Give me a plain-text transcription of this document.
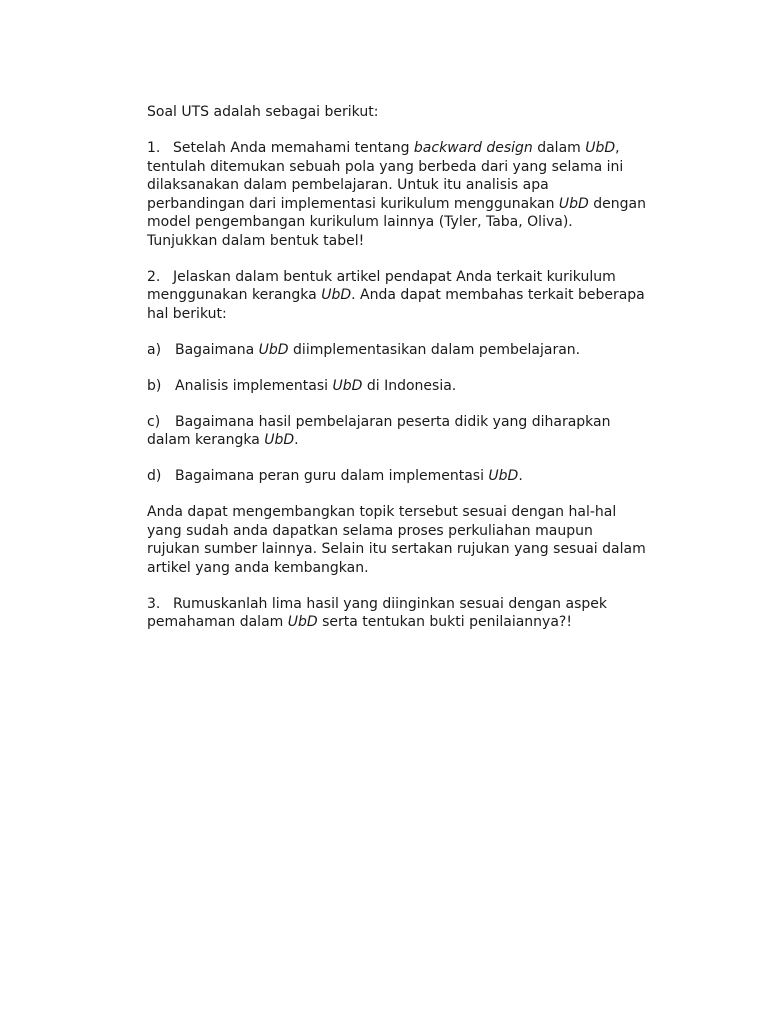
Soal UTS adalah sebagai berikut:

1. Setelah Anda memahami tentang backward design dalam UbD, tentulah ditemukan sebuah pola yang berbeda dari yang selama ini dilaksanakan dalam pembelajaran. Untuk itu analisis apa perbandingan dari implementasi kurikulum menggunakan UbD dengan model pengembangan kurikulum lainnya (Tyler, Taba, Oliva). Tunjukkan dalam bentuk tabel!

2. Jelaskan dalam bentuk artikel pendapat Anda terkait kurikulum menggunakan kerangka UbD. Anda dapat membahas terkait beberapa hal berikut:

a) Bagaimana UbD diimplementasikan dalam pembelajaran.

b) Analisis implementasi UbD di Indonesia.

c) Bagaimana hasil pembelajaran peserta didik yang diharapkan dalam kerangka UbD.

d) Bagaimana peran guru dalam implementasi UbD.

Anda dapat mengembangkan topik tersebut sesuai dengan hal-hal yang sudah anda dapatkan selama proses perkuliahan maupun rujukan sumber lainnya. Selain itu sertakan rujukan yang sesuai dalam artikel yang anda kembangkan.

3. Rumuskanlah lima hasil yang diinginkan sesuai dengan aspek pemahaman dalam UbD serta tentukan bukti penilaiannya?!
